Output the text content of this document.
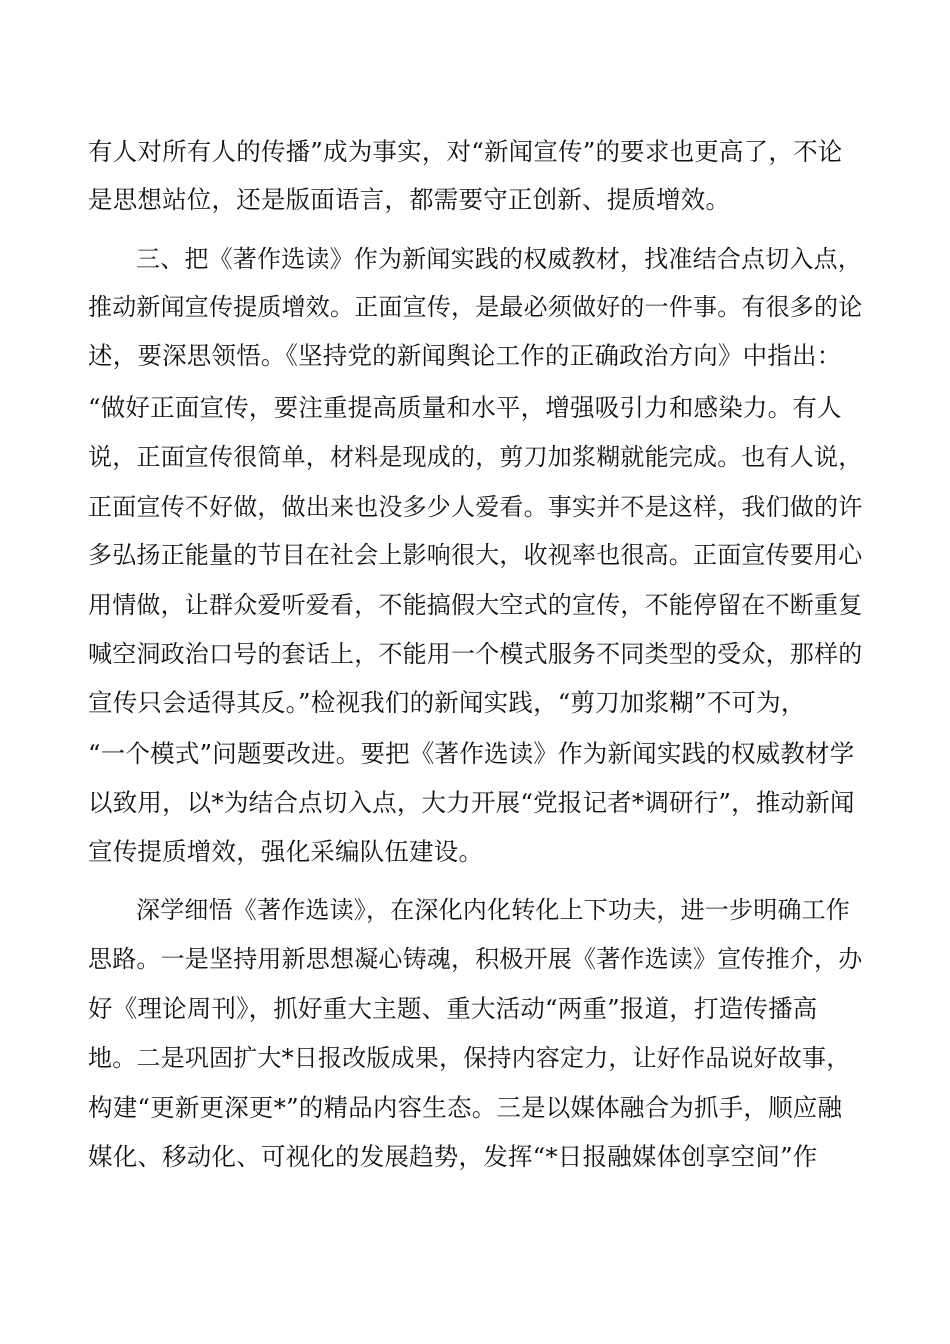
有人对所有人的传播”成为事实，对“新闻宣传”的要求也更高了，不论
是思想站位，还是版面语言，都需要守正创新、提质增效。
三、把《著作选读》作为新闻实践的权威教材，找准结合点切入点，
推动新闻宣传提质增效。正面宣传，是最必须做好的一件事。有很多的论
述，要深思领悟。《坚持党的新闻舆论工作的正确政治方向》中指出：
“做好正面宣传，要注重提高质量和水平，增强吸引力和感染力。有人
说，正面宣传很简单，材料是现成的，剪刀加浆糊就能完成。也有人说，
正面宣传不好做，做出来也没多少人爱看。事实并不是这样，我们做的许
多弘扬正能量的节目在社会上影响很大，收视率也很高。正面宣传要用心
用情做，让群众爱听爱看，不能搞假大空式的宣传，不能停留在不断重复
喊空洞政治口号的套话上，不能用一个模式服务不同类型的受众，那样的
宣传只会适得其反。”检视我们的新闻实践，“剪刀加浆糊”不可为，
“一个模式”问题要改进。要把《著作选读》作为新闻实践的权威教材学
以致用，以*为结合点切入点，大力开展“党报记者*调研行”，推动新闻
宣传提质增效，强化采编队伍建设。
深学细悟《著作选读》，在深化内化转化上下功夫，进一步明确工作
思路。一是坚持用新思想凝心铸魂，积极开展《著作选读》宣传推介，办
好《理论周刊》，抓好重大主题、重大活动“两重”报道，打造传播高
地。二是巩固扩大*日报改版成果，保持内容定力，让好作品说好故事，
构建“更新更深更*”的精品内容生态。三是以媒体融合为抓手，顺应融
媒化、移动化、可视化的发展趋势，发挥“*日报融媒体创享空间”作
